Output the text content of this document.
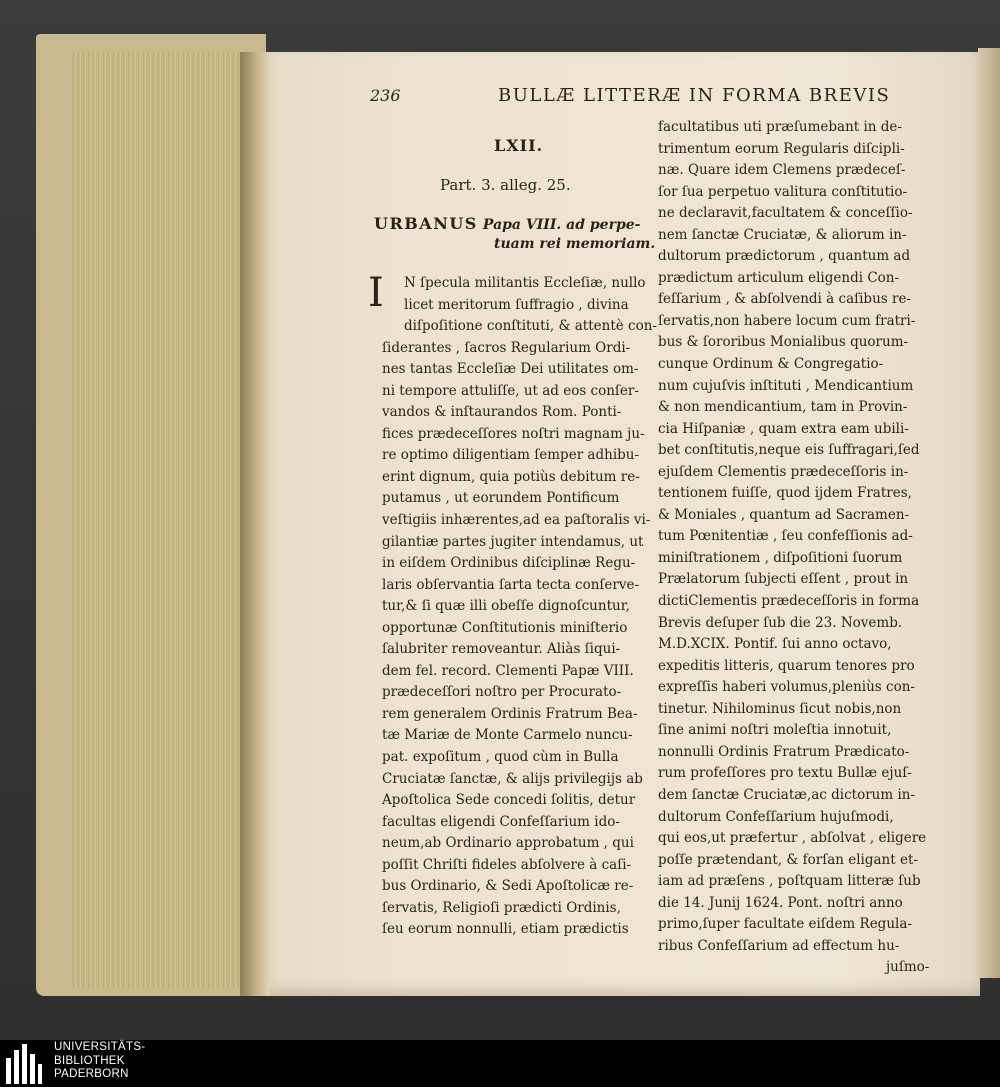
236	BULLÆ LITTERÆ IN FORMA BREVIS
LXII.
Part. 3. alleg. 25.
URBANUS Papa VIII. ad perpe-
tuam rei memoriam.
I	N ſpecula militantis Eccleſiæ, nullo
licet meritorum ſuffragio , divina
diſpoſitione conſtituti, & attentè con-
ſiderantes , ſacros Regularium Ordi-
nes tantas Eccleſiæ Dei utilitates om-
ni tempore attuliſſe, ut ad eos conſer-
vandos & inſtaurandos Rom. Ponti-
fices prædeceſſores noſtri magnam ju-
re optimo diligentiam ſemper adhibu-
erint dignum, quia potiùs debitum re-
putamus , ut eorundem Pontificum
veſtigiis inhærentes,ad ea paſtoralis vi-
gilantiæ partes jugiter intendamus, ut
in eiſdem Ordinibus diſciplinæ Regu-
laris obſervantia ſarta tecta conſerve-
tur,& ſi quæ illi obeſſe dignoſcuntur,
opportunæ Conſtitutionis miniſterio
ſalubriter removeantur. Aliàs ſiqui-
dem fel. record. Clementi Papæ VIII.
prædeceſſori noſtro per Procurato-
rem generalem Ordinis Fratrum Bea-
tæ Mariæ de Monte Carmelo nuncu-
pat. expoſitum , quod cùm in Bulla
Cruciatæ ſanctæ, & alijs privilegijs ab
Apoſtolica Sede concedi ſolitis, detur
facultas eligendi Confeſſarium ido-
neum,ab Ordinario approbatum , qui
poſſit Chriſti fideles abſolvere à caſi-
bus Ordinario, & Sedi Apoſtolicæ re-
ſervatis, Religioſi prædicti Ordinis,
ſeu eorum nonnulli, etiam prædictis
facultatibus uti præſumebant in de-
trimentum eorum Regularis diſcipli-
næ. Quare idem Clemens prædeceſ-
ſor ſua perpetuo valitura conſtitutio-
ne declaravit,facultatem & conceſſio-
nem ſanctæ Cruciatæ, & aliorum in-
dultorum prædictorum , quantum ad
prædictum articulum eligendi Con-
feſſarium , & abſolvendi à caſibus re-
ſervatis,non habere locum cum fratri-
bus & ſororibus Monialibus quorum-
cunque Ordinum & Congregatio-
num cujuſvis inſtituti , Mendicantium
& non mendicantium, tam in Provin-
cia Hiſpaniæ , quam extra eam ubili-
bet conſtitutis,neque eis ſuffragari,ſed
ejuſdem Clementis prædeceſſoris in-
tentionem fuiſſe, quod ijdem Fratres,
& Moniales , quantum ad Sacramen-
tum Pœnitentiæ , ſeu confeſſionis ad-
miniſtrationem , diſpoſitioni ſuorum
Prælatorum ſubjecti eſſent , prout in
dictiClementis prædeceſſoris in forma
Brevis deſuper ſub die 23. Novemb.
M.D.XCIX. Pontif. ſui anno octavo,
expeditis litteris, quarum tenores pro
expreſſis haberi volumus,pleniùs con-
tinetur. Nihilominus ſicut nobis,non
ſine animi noſtri moleſtia innotuit,
nonnulli Ordinis Fratrum Prædicato-
rum profeſſores pro textu Bullæ ejuſ-
dem ſanctæ Cruciatæ,ac dictorum in-
dultorum Confeſſarium hujuſmodi,
qui eos,ut præfertur , abſolvat , eligere
poſſe prætendant, & forſan eligant et-
iam ad præſens , poſtquam litteræ ſub
die 14. Junij 1624. Pont. noſtri anno
primo,ſuper facultate eiſdem Regula-
ribus Confeſſarium ad effectum hu-
juſmo-
UNIVERSITÄTS-
BIBLIOTHEK
PADERBORN
